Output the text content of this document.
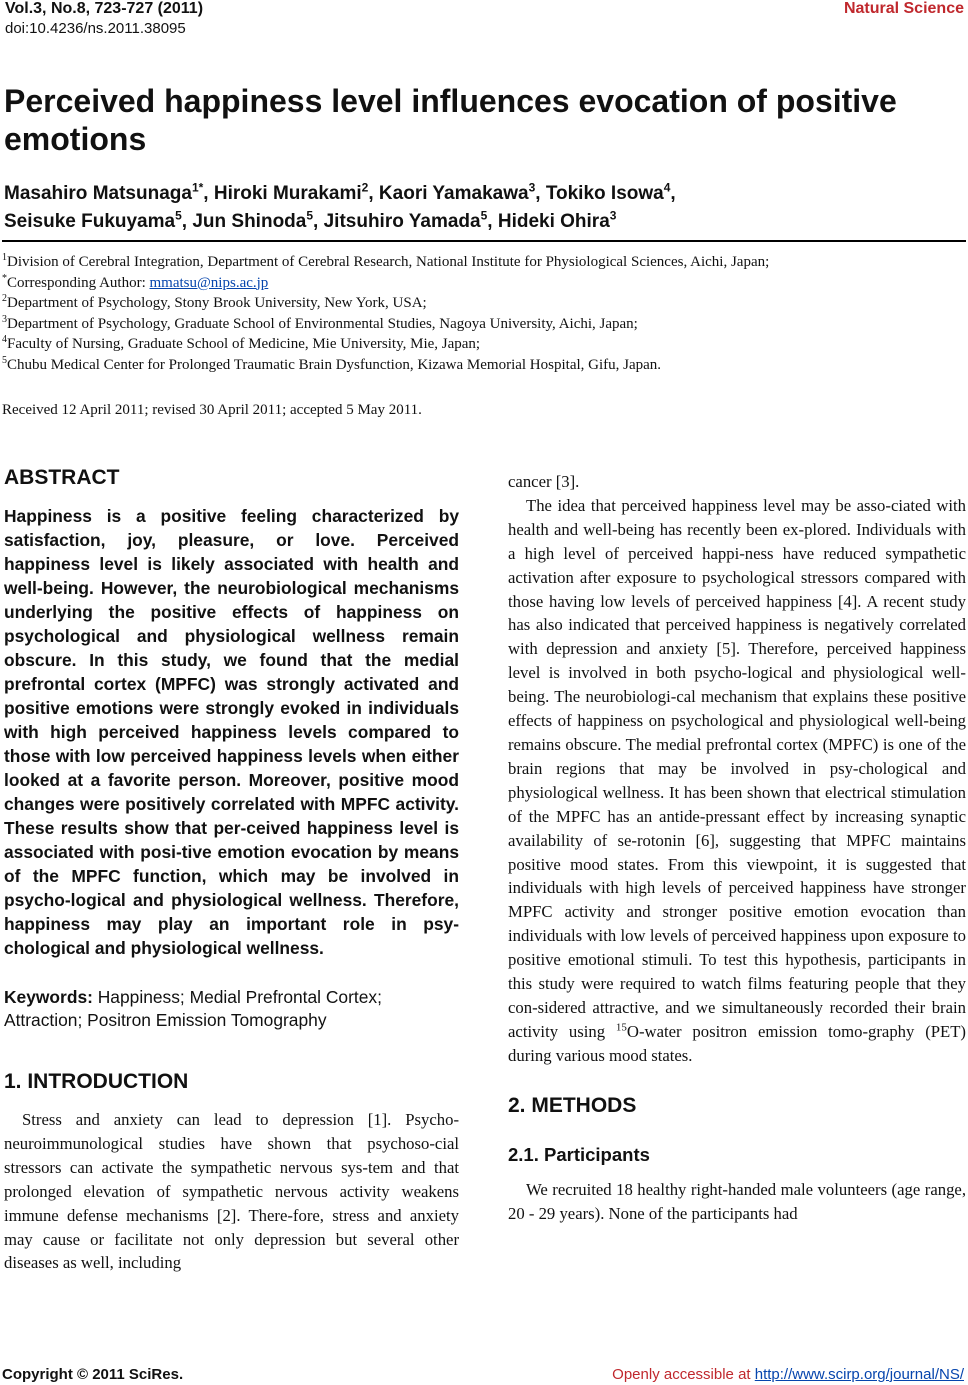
Vol.3, No.8, 723-727 (2011)
doi:10.4236/ns.2011.38095
Natural Science
Perceived happiness level influences evocation of positive emotions
Masahiro Matsunaga$^{1*}$, Hiroki Murakami$^2$, Kaori Yamakawa$^3$, Tokiko Isowa$^4$,
Seisuke Fukuyama$^5$, Jun Shinoda$^5$, Jitsuhiro Yamada$^5$, Hideki Ohira$^3$
$^1$Division of Cerebral Integration, Department of Cerebral Research, National Institute for Physiological Sciences, Aichi, Japan;
*Corresponding Author: mmatsu@nips.ac.jp
$^2$Department of Psychology, Stony Brook University, New York, USA;
$^3$Department of Psychology, Graduate School of Environmental Studies, Nagoya University, Aichi, Japan;
$^4$Faculty of Nursing, Graduate School of Medicine, Mie University, Mie, Japan;
$^5$Chubu Medical Center for Prolonged Traumatic Brain Dysfunction, Kizawa Memorial Hospital, Gifu, Japan.
Received 12 April 2011; revised 30 April 2011; accepted 5 May 2011.
ABSTRACT
Happiness is a positive feeling characterized by satisfaction, joy, pleasure, or love. Perceived happiness level is likely associated with health and well-being. However, the neurobiological mechanisms underlying the positive effects of happiness on psychological and physiological wellness remain obscure. In this study, we found that the medial prefrontal cortex (MPFC) was strongly activated and positive emotions were strongly evoked in individuals with high perceived happiness levels compared to those with low perceived happiness levels when either looked at a favorite person. Moreover, positive mood changes were positively correlated with MPFC activity. These results show that per-ceived happiness level is associated with posi-tive emotion evocation by means of the MPFC function, which may be involved in psycho-logical and physiological wellness. Therefore, happiness may play an important role in psy-chological and physiological wellness.
Keywords: Happiness; Medial Prefrontal Cortex; Attraction; Positron Emission Tomography
1. INTRODUCTION

Stress and anxiety can lead to depression [1]. Psycho-neuroimmunological studies have shown that psychoso-cial stressors can activate the sympathetic nervous sys-tem and that prolonged elevation of sympathetic nervous activity weakens immune defense mechanisms [2]. There-fore, stress and anxiety may cause or facilitate not only depression but several other diseases as well, including

cancer [3].

The idea that perceived happiness level may be asso-ciated with health and well-being has recently been ex-plored. Individuals with a high level of perceived happi-ness have reduced sympathetic activation after exposure to psychological stressors compared with those having low levels of perceived happiness [4]. A recent study has also indicated that perceived happiness is negatively correlated with depression and anxiety [5]. Therefore, perceived happiness level is involved in both psycho-logical and physiological well-being. The neurobiologi-cal mechanism that explains these positive effects of happiness on psychological and physiological well-being remains obscure. The medial prefrontal cortex (MPFC) is one of the brain regions that may be involved in psy-chological and physiological wellness. It has been shown that electrical stimulation of the MPFC has an antide-pressant effect by increasing synaptic availability of se-rotonin [6], suggesting that MPFC maintains positive mood states. From this viewpoint, it is suggested that individuals with high levels of perceived happiness have stronger MPFC activity and stronger positive emotion evocation than individuals with low levels of perceived happiness upon exposure to positive emotional stimuli. To test this hypothesis, participants in this study were required to watch films featuring people that they con-sidered attractive, and we simultaneously recorded their brain activity using $^{15}$O-water positron emission tomo-graphy (PET) during various mood states.

2. METHODS
2.1. Participants

We recruited 18 healthy right-handed male volunteers (age range, 20 - 29 years). None of the participants had

Copyright © 2011 SciRes.	Openly accessible at http://www.scirp.org/journal/NS/
